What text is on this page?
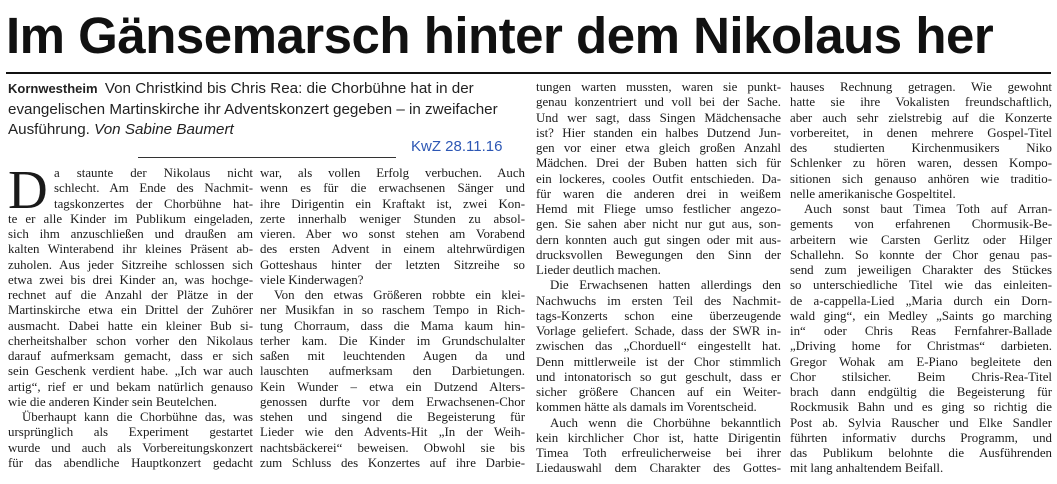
Im Gänsemarsch hinter dem Nikolaus her
Kornwestheim Von Christkind bis Chris Rea: die Chorbühne hat in der evangelischen Martinskirche ihr Adventskonzert gegeben – in zweifacher Ausführung. Von Sabine Baumert
KwZ 28.11.16
D a staunte der Nikolaus nicht
schlecht. Am Ende des Nachmit-
tagskonzertes der Chorbühne hat-
te er alle Kinder im Publikum eingeladen,
sich ihm anzuschließen und draußen am
kalten Winterabend ihr kleines Präsent ab-
zuholen. Aus jeder Sitzreihe schlossen sich
etwa zwei bis drei Kinder an, was hochge-
rechnet auf die Anzahl der Plätze in der
Martinskirche etwa ein Drittel der Zuhörer
ausmacht. Dabei hatte ein kleiner Bub si-
cherheitshalber schon vorher den Nikolaus
darauf aufmerksam gemacht, dass er sich
sein Geschenk verdient habe. „Ich war auch
artig“, rief er und bekam natürlich genauso
wie die anderen Kinder sein Beutelchen.
Überhaupt kann die Chorbühne das, was
ursprünglich als Experiment gestartet
wurde und auch als Vorbereitungskonzert
für das abendliche Hauptkonzert gedacht
war, als vollen Erfolg verbuchen. Auch
wenn es für die erwachsenen Sänger und
ihre Dirigentin ein Kraftakt ist, zwei Kon-
zerte innerhalb weniger Stunden zu absol-
vieren. Aber wo sonst stehen am Vorabend
des ersten Advent in einem altehrwürdigen
Gotteshaus hinter der letzten Sitzreihe so
viele Kinderwagen?
Von den etwas Größeren robbte ein klei-
ner Musikfan in so raschem Tempo in Rich-
tung Chorraum, dass die Mama kaum hin-
terher kam. Die Kinder im Grundschulalter
saßen mit leuchtenden Augen da und
lauschten aufmerksam den Darbietungen.
Kein Wunder – etwa ein Dutzend Alters-
genossen durfte vor dem Erwachsenen-Chor
stehen und singend die Begeisterung für
Lieder wie den Advents-Hit „In der Weih-
nachtsbäckerei“ beweisen. Obwohl sie bis
zum Schluss des Konzertes auf ihre Darbie-
tungen warten mussten, waren sie punkt-
genau konzentriert und voll bei der Sache.
Und wer sagt, dass Singen Mädchensache
ist? Hier standen ein halbes Dutzend Jun-
gen vor einer etwa gleich großen Anzahl
Mädchen. Drei der Buben hatten sich für
ein lockeres, cooles Outfit entschieden. Da-
für waren die anderen drei in weißem
Hemd mit Fliege umso festlicher angezo-
gen. Sie sahen aber nicht nur gut aus, son-
dern konnten auch gut singen oder mit aus-
drucksvollen Bewegungen den Sinn der
Lieder deutlich machen.
Die Erwachsenen hatten allerdings den
Nachwuchs im ersten Teil des Nachmit-
tags-Konzerts schon eine überzeugende
Vorlage geliefert. Schade, dass der SWR in-
zwischen das „Chorduell“ eingestellt hat.
Denn mittlerweile ist der Chor stimmlich
und intonatorisch so gut geschult, dass er
sicher größere Chancen auf ein Weiter-
kommen hätte als damals im Vorentscheid.
Auch wenn die Chorbühne bekanntlich
kein kirchlicher Chor ist, hatte Dirigentin
Timea Toth erfreulicherweise bei ihrer
Liedauswahl dem Charakter des Gottes-
hauses Rechnung getragen. Wie gewohnt
hatte sie ihre Vokalisten freundschaftlich,
aber auch sehr zielstrebig auf die Konzerte
vorbereitet, in denen mehrere Gospel-Titel
des studierten Kirchenmusikers Niko
Schlenker zu hören waren, dessen Kompo-
sitionen sich genauso anhören wie traditio-
nelle amerikanische Gospeltitel.
Auch sonst baut Timea Toth auf Arran-
gements von erfahrenen Chormusik-Be-
arbeitern wie Carsten Gerlitz oder Hilger
Schallehn. So konnte der Chor genau pas-
send zum jeweiligen Charakter des Stückes
so unterschiedliche Titel wie das einleiten-
de a-cappella-Lied „Maria durch ein Dorn-
wald ging“, ein Medley „Saints go marching
in“ oder Chris Reas Fernfahrer-Ballade
„Driving home for Christmas“ darbieten.
Gregor Wohak am E-Piano begleitete den
Chor stilsicher. Beim Chris-Rea-Titel
brach dann endgültig die Begeisterung für
Rockmusik Bahn und es ging so richtig die
Post ab. Sylvia Rauscher und Elke Sandler
führten informativ durchs Programm, und
das Publikum belohnte die Ausführenden
mit lang anhaltendem Beifall.
